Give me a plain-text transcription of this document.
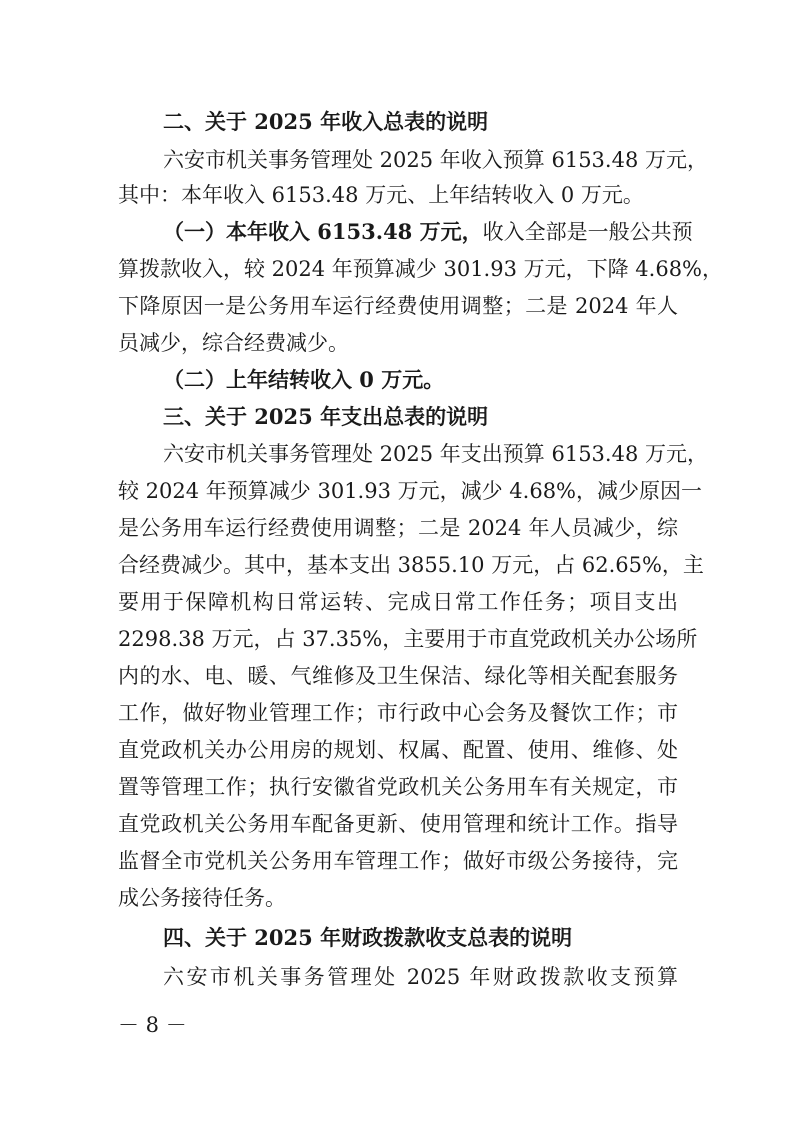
二、关于 2025 年收入总表的说明
六安市机关事务管理处 2025 年收入预算 6153.48 万元，
其中：本年收入 6153.48 万元、上年结转收入 0 万元。
（一）本年收入 6153.48 万元，收入全部是一般公共预
算拨款收入，较 2024 年预算减少 301.93 万元，下降 4.68%，
下降原因一是公务用车运行经费使用调整；二是 2024 年人
员减少，综合经费减少。
（二）上年结转收入 0 万元。
三、关于 2025 年支出总表的说明
六安市机关事务管理处 2025 年支出预算 6153.48 万元，
较 2024 年预算减少 301.93 万元，减少 4.68%，减少原因一
是公务用车运行经费使用调整；二是 2024 年人员减少，综
合经费减少。其中，基本支出 3855.10 万元，占 62.65%，主
要用于保障机构日常运转、完成日常工作任务；项目支出
2298.38 万元，占 37.35%，主要用于市直党政机关办公场所
内的水、电、暖、气维修及卫生保洁、绿化等相关配套服务
工作，做好物业管理工作；市行政中心会务及餐饮工作；市
直党政机关办公用房的规划、权属、配置、使用、维修、处
置等管理工作；执行安徽省党政机关公务用车有关规定，市
直党政机关公务用车配备更新、使用管理和统计工作。指导
监督全市党机关公务用车管理工作；做好市级公务接待，完
成公务接待任务。
四、关于 2025 年财政拨款收支总表的说明
六安市机关事务管理处 2025 年财政拨款收支预算
－ 8 －
